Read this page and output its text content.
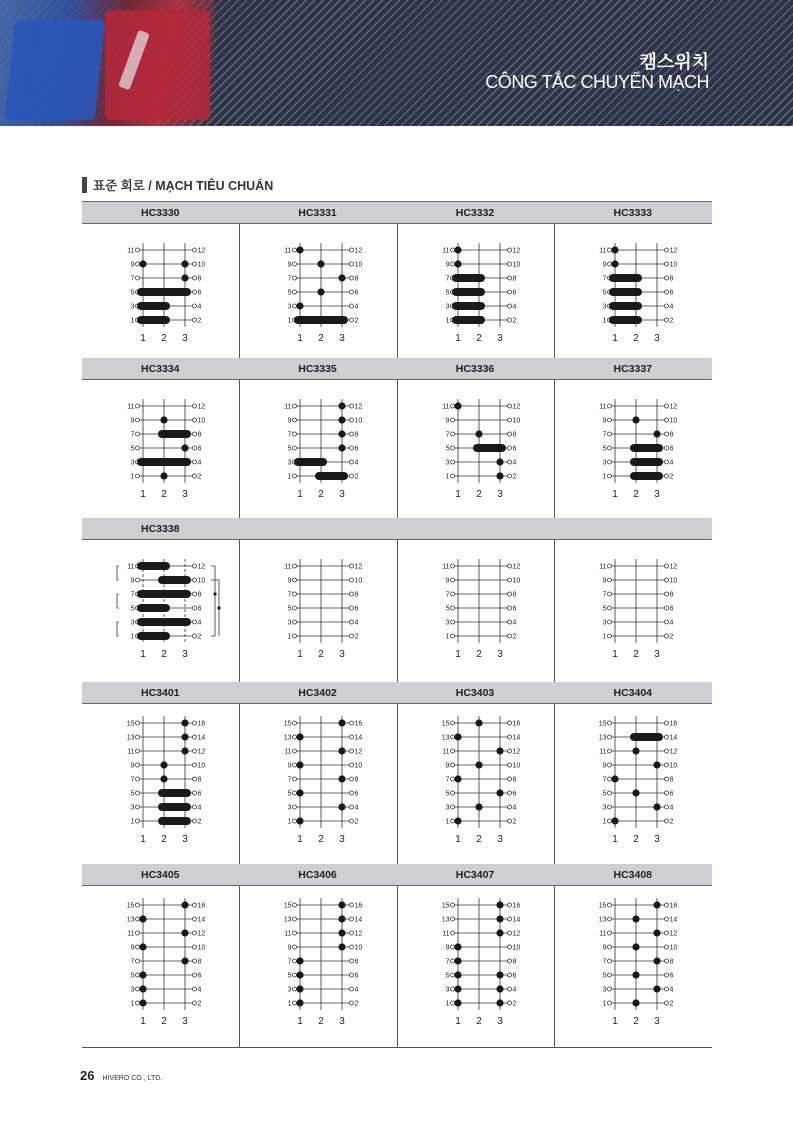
캠스위치
CÔNG TẮC CHUYỂN MẠCH
표준 회로 / MẠCH TIÊU CHUẨN
HC3330
1	2
3	4
5	6
7	8
9	10
11	12
1 2 3
HC3331
1	2
3	4
5	6
7	8
9	10
11	12
1 2 3
HC3332
1	2
3	4
5	6
7	8
9	10
11	12
1 2 3
HC3333
1	2
3	4
5	6
7	8
9	10
11	12
1 2 3
HC3334
1	2
3	4
5	6
7	8
9	10
11	12
1 2 3
HC3335
1	2
3	4
5	6
7	8
9	10
11	12
1 2 3
HC3336
1	2
3	4
5	6
7	8
9	10
11	12
1 2 3
HC3337
1	2
3	4
5	6
7	8
9	10
11	12
1 2 3
HC3338
1	2
3	4
5	6
7	8
9	10
11	12
1 2 3
1	2
3	4
5	6
7	8
9	10
11	12
1 2 3
1	2
3	4
5	6
7	8
9	10
11	12
1 2 3
1	2
3	4
5	6
7	8
9	10
11	12
1 2 3
HC3401
1	2
3	4
5	6
7	8
9	10
11	12
13	14
15	16
1 2 3
HC3402
1	2
3	4
5	6
7	8
9	10
11	12
13	14
15	16
1 2 3
HC3403
1	2
3	4
5	6
7	8
9	10
11	12
13	14
15	16
1 2 3
HC3404
1	2
3	4
5	6
7	8
9	10
11	12
13	14
15	16
1 2 3
HC3405
1	2
3	4
5	6
7	8
9	10
11	12
13	14
15	16
1 2 3
HC3406
1	2
3	4
5	6
7	8
9	10
11	12
13	14
15	16
1 2 3
HC3407
1	2
3	4
5	6
7	8
9	10
11	12
13	14
15	16
1 2 3
HC3408
1	2
3	4
5	6
7	8
9	10
11	12
13	14
15	16
1 2 3
26 HIVERO CO., LTD.
